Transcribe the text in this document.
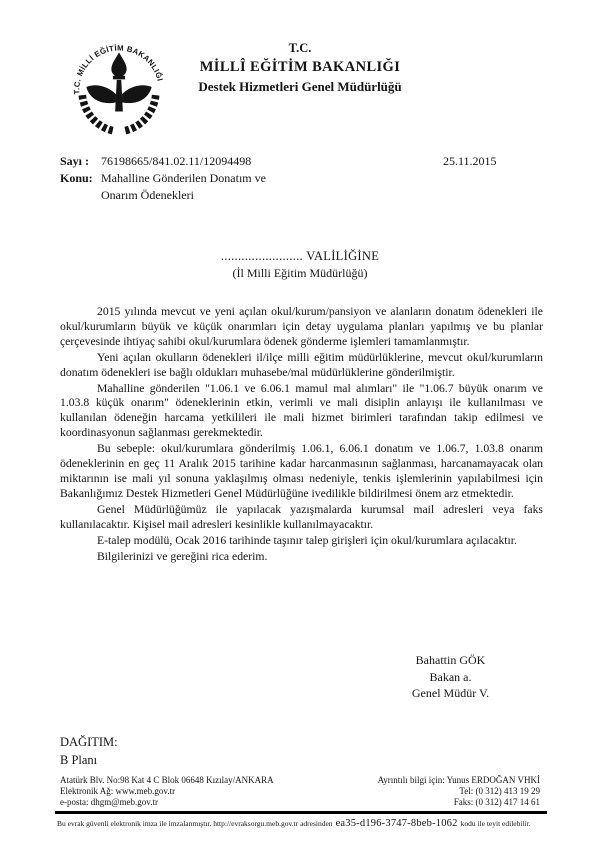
T.C. MİLLİ EĞİTİM BAKANLIĞI
T.C.
MİLLÎ EĞİTİM BAKANLIĞI
Destek Hizmetleri Genel Müdürlüğü
Sayı : 76198665/841.02.11/12094498
Konu: Mahalline Gönderilen Donatım ve
Onarım Ödenekleri
25.11.2015
........................ VALİLİĞİNE
(İl Milli Eğitim Müdürlüğü)

2015 yılında mevcut ve yeni açılan okul/kurum/pansiyon ve alanların donatım ödenekleri ile okul/kurumların büyük ve küçük onarımları için detay uygulama planları yapılmış ve bu planlar çerçevesinde ihtiyaç sahibi okul/kurumlara ödenek gönderme işlemleri tamamlanmıştır.

Yeni açılan okulların ödenekleri il/ilçe milli eğitim müdürlüklerine, mevcut okul/kurumların donatım ödenekleri ise bağlı oldukları muhasebe/mal müdürlüklerine gönderilmiştir.

Mahalline gönderilen "1.06.1 ve 6.06.1 mamul mal alımları" ile "1.06.7 büyük onarım ve 1.03.8 küçük onarım" ödeneklerinin etkin, verimli ve mali disiplin anlayışı ile kullanılması ve kullanılan ödeneğin harcama yetkilileri ile mali hizmet birimleri tarafından takip edilmesi ve koordinasyonun sağlanması gerekmektedir.

Bu sebeple: okul/kurumlara gönderilmiş 1.06.1, 6.06.1 donatım ve 1.06.7, 1.03.8 onarım ödeneklerinin en geç 11 Aralık 2015 tarihine kadar harcanmasının sağlanması, harcanamayacak olan miktarının ise mali yıl sonuna yaklaşılmış olması nedeniyle, tenkis işlemlerinin yapılabilmesi için Bakanlığımız Destek Hizmetleri Genel Müdürlüğüne ivedilikle bildirilmesi önem arz etmektedir.

Genel Müdürlüğümüz ile yapılacak yazışmalarda kurumsal mail adresleri veya faks kullanılacaktır. Kişisel mail adresleri kesinlikle kullanılmayacaktır.

E-talep modülü, Ocak 2016 tarihinde taşınır talep girişleri için okul/kurumlara açılacaktır.

Bilgilerinizi ve gereğini rica ederim.

Bahattin GÖK
Bakan a.
Genel Müdür V.
DAĞITIM:
B Planı
Atatürk Blv. No:98 Kat 4 C Blok 06648 Kızılay/ANKARA
Elektronik Ağ: www.meb.gov.tr
e-posta: dhgm@meb.gov.tr
Ayrıntılı bilgi için: Yunus ERDOĞAN VHKİ
Tel: (0 312) 413 19 29
Faks: (0 312) 417 14 61
Bu evrak güvenli elektronik imza ile imzalanmıştır. http://evraksorgu.meb.gov.tr adresinden ea35-d196-3747-8beb-1062 kodu ile teyit edilebilir.
